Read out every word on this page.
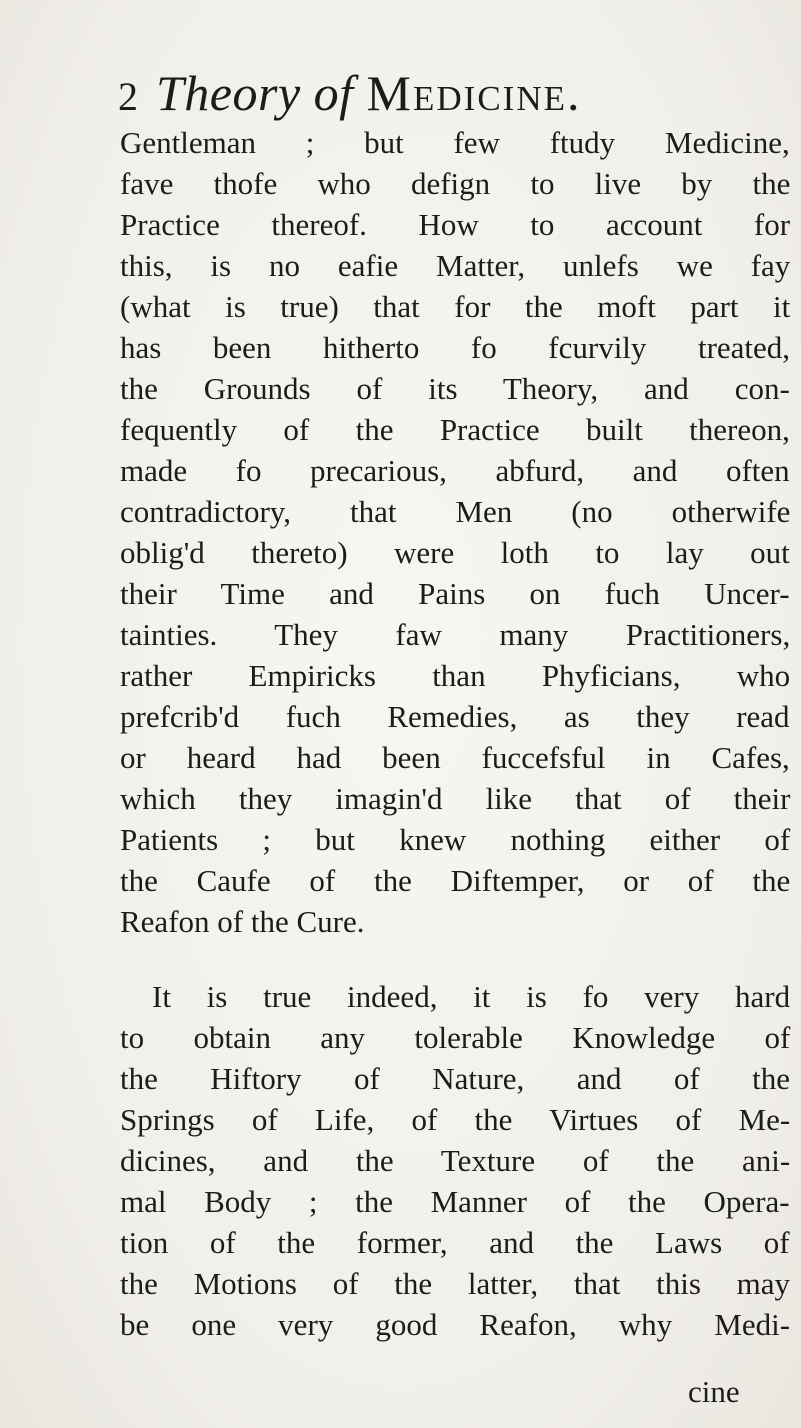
2 Theory of Medicine.
Gentleman ; but few ftudy Medicine,
fave thofe who defign to live by the
Practice thereof. How to account for
this, is no eafie Matter, unlefs we fay
(what is true) that for the moft part it
has been hitherto fo fcurvily treated,
the Grounds of its Theory, and con-
fequently of the Practice built thereon,
made fo precarious, abfurd, and often
contradictory, that Men (no otherwife
oblig'd thereto) were loth to lay out
their Time and Pains on fuch Uncer-
tainties. They faw many Practitioners,
rather Empiricks than Phyficians, who
prefcrib'd fuch Remedies, as they read
or heard had been fuccefsful in Cafes,
which they imagin'd like that of their
Patients ; but knew nothing either of
the Caufe of the Diftemper, or of the
Reafon of the Cure.
It is true indeed, it is fo very hard
to obtain any tolerable Knowledge of
the Hiftory of Nature, and of the
Springs of Life, of the Virtues of Me-
dicines, and the Texture of the ani-
mal Body ; the Manner of the Opera-
tion of the former, and the Laws of
the Motions of the latter, that this may
be one very good Reafon, why Medi-
cine
